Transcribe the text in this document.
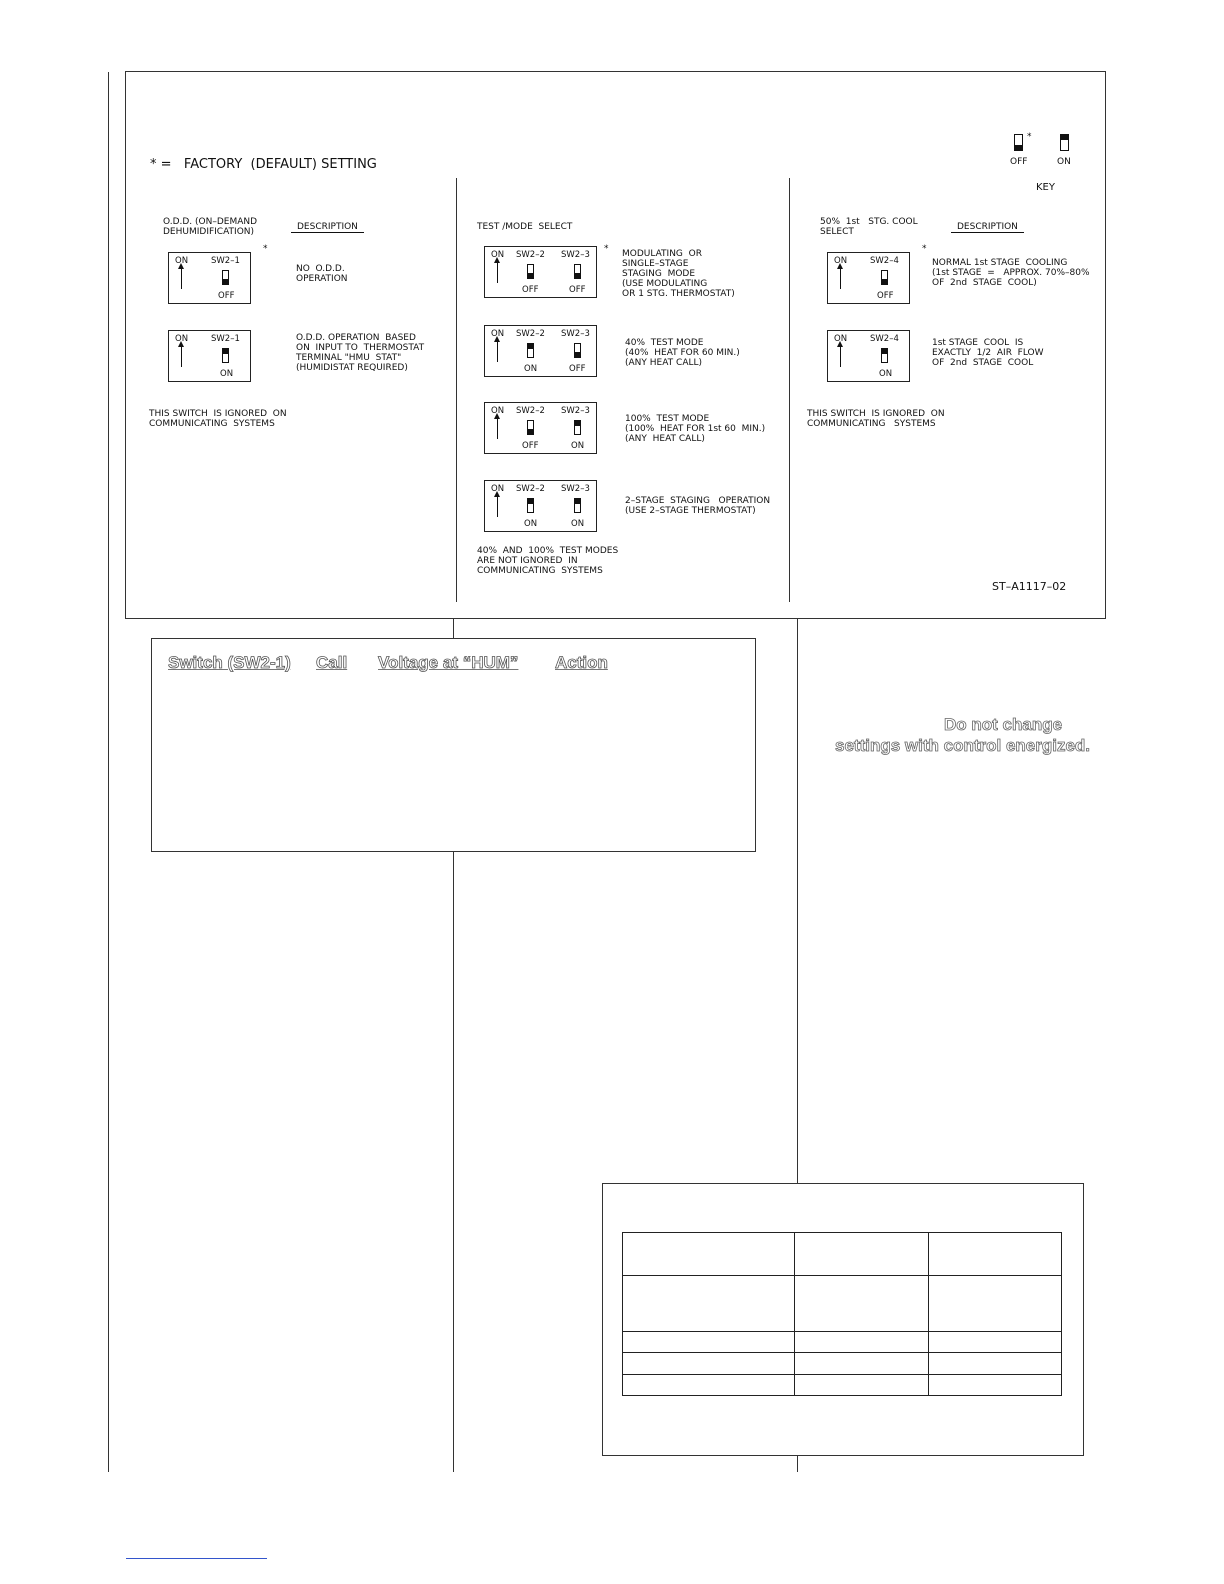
* =   FACTORY  (DEFAULT) SETTING
*
OFF	ON
KEY
O.D.D. (ON–DEMAND
DEHUMIDIFICATION)	DESCRIPTION
ON	SW2–1
OFF
*
NO  O.D.D.
OPERATION
ON	SW2–1
ON
O.D.D. OPERATION  BASED
ON  INPUT TO  THERMOSTAT
TERMINAL "HMU  STAT"
(HUMIDISTAT REQUIRED)
THIS SWITCH  IS IGNORED  ON
COMMUNICATING  SYSTEMS
TEST /MODE  SELECT
ON SW2–2 SW2–3
OFF	OFF
* MODULATING  OR
SINGLE–STAGE
STAGING  MODE
(USE MODULATING
OR 1 STG. THERMOSTAT)
ON SW2–2 SW2–3
ON	OFF
40%  TEST MODE
(40%  HEAT FOR 60 MIN.)
(ANY HEAT CALL)
ON SW2–2 SW2–3
OFF	ON
100%  TEST MODE
(100%  HEAT FOR 1st 60  MIN.)
(ANY  HEAT CALL)
ON SW2–2 SW2–3
ON	ON
2–STAGE  STAGING   OPERATION
(USE 2–STAGE THERMOSTAT)
40%  AND  100%  TEST MODES
ARE NOT IGNORED  IN
COMMUNICATING  SYSTEMS
50%  1st   STG. COOL
SELECT	DESCRIPTION
ON	SW2–4
OFF
*
NORMAL 1st STAGE  COOLING
(1st STAGE  =   APPROX. 70%–80%
OF  2nd  STAGE  COOL)
ON	SW2–4
ON
1st STAGE  COOL  IS
EXACTLY  1/2  AIR  FLOW
OF  2nd  STAGE  COOL
THIS SWITCH  IS IGNORED  ON
COMMUNICATING   SYSTEMS
ST–A1117–02
Switch (SW2-1) Call Voltage at “HUM” Action
Do not change
settings with control energized.
